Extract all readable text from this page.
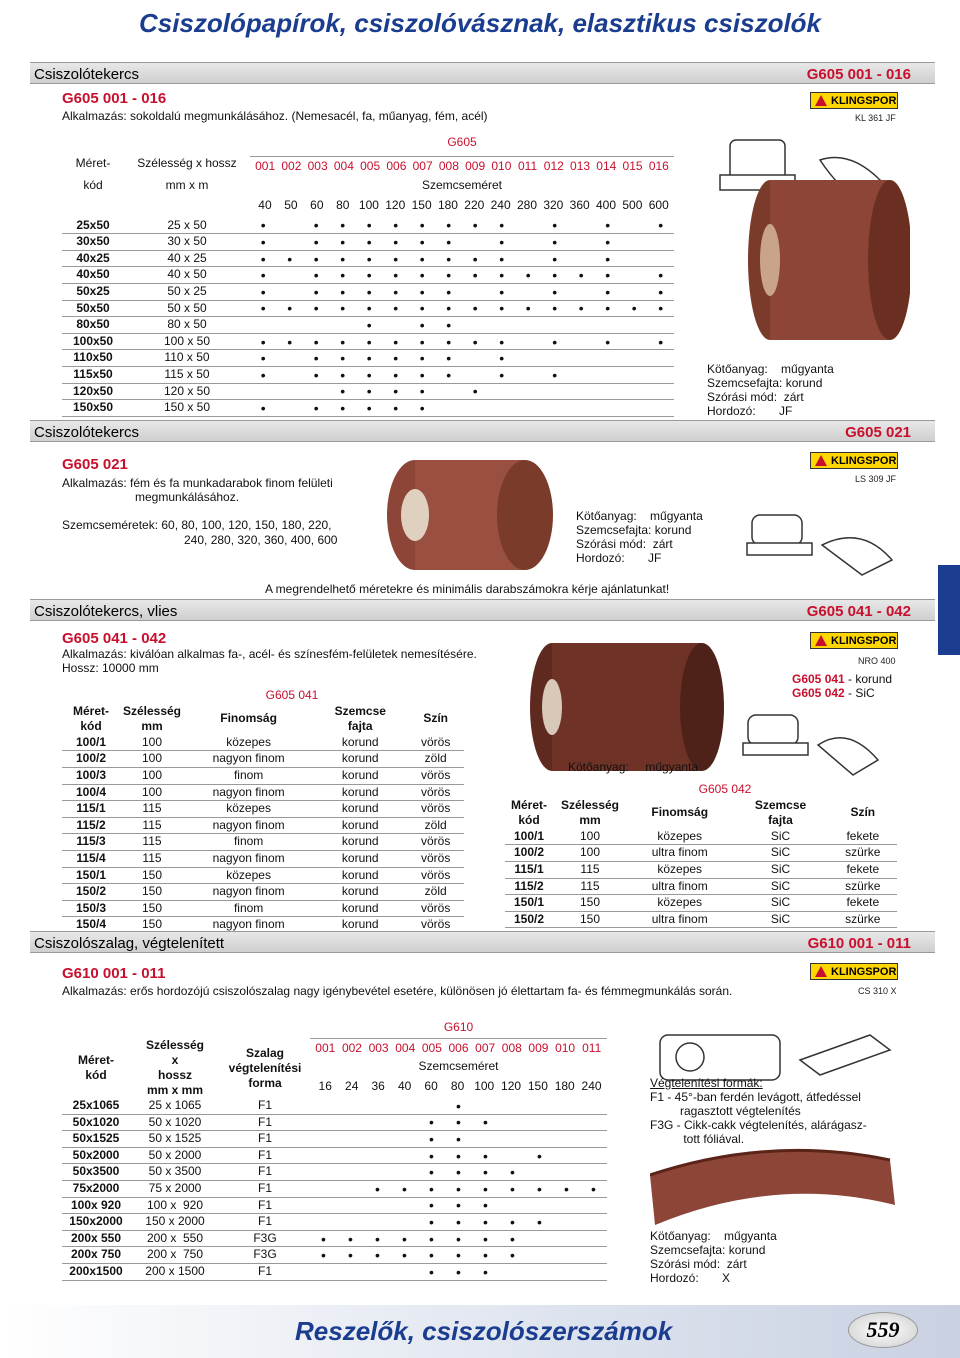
Csiszolópapírok, csiszolóvásznak, elasztikus csiszolók
Csiszolótekercs	G605 001 - 016
G605 001 - 016
Alkalmazás: sokoldalú megmunkálásához. (Nemesacél, fa, műanyag, fém, acél)
KLINGSPOR
KL 361 JF
	G605
Méret-	Szélesség x hossz	001	002	003	004	005	006	007	008	009	010	011	012	013	014	015	016

kód	mm x m	Szemcseméret

40	50	60	80	100	120	150	180	220	240	280	320	360	400	500	600

25x50	25 x 50	•		•	•	•	•	•	•	•	•		•		•		•
30x50	30 x 50	•		•	•	•	•	•	•		•		•		•		
40x25	40 x 25	•	•	•	•	•	•	•	•	•	•		•		•		
40x50	40 x 50	•		•	•	•	•	•	•	•	•	•	•	•	•		•
50x25	50 x 25	•		•	•	•	•	•	•		•		•		•		•
50x50	50 x 50	•	•	•	•	•	•	•	•	•	•	•	•	•	•	•	•
80x50	80 x 50					•		•	•								
100x50	100 x 50	•	•	•	•	•	•	•	•	•	•		•		•		•
110x50	110 x 50	•		•	•	•	•	•	•		•						
115x50	115 x 50	•		•	•	•	•	•	•		•		•				
120x50	120 x 50				•	•	•	•		•							
150x50	150 x 50	•		•	•	•	•	•									
Kötőanyag:    műgyanta
Szemcsefajta: korund
Szórási mód:  zárt
Hordozó:       JF
Csiszolótekercs	G605 021
G605 021
Alkalmazás: fém és fa munkadarabok finom felületi
megmunkálásához.
KLINGSPOR
LS 309 JF
Szemcseméretek: 60, 80, 100, 120, 150, 180, 220,
240, 280, 320, 360, 400, 600
Kötőanyag:    műgyanta
Szemcsefajta: korund
Szórási mód:  zárt
Hordozó:       JF
A megrendelhető méretekre és minimális darabszámokra kérje ajánlatunkat!
Csiszolótekercs, vlies	G605 041 - 042
G605 041 - 042
Alkalmazás: kiválóan alkalmas fa-, acél- és színesfém-felületek nemesítésére.
Hossz: 10000 mm
KLINGSPOR
NRO 400
G605 041 - korund
G605 042 - SiC
Kötőanyag:     műgyanta
Méret-	G605 041			
	Szélesség	Finomság	Szemcse	Szín
kód	mm		fajta	
100/1	100	közepes	korund	vörös
100/2	100	nagyon finom	korund	zöld
100/3	100	finom	korund	vörös
100/4	100	nagyon finom	korund	vörös
115/1	115	közepes	korund	vörös
115/2	115	nagyon finom	korund	zöld
115/3	115	finom	korund	vörös
115/4	115	nagyon finom	korund	vörös
150/1	150	közepes	korund	vörös
150/2	150	nagyon finom	korund	zöld
150/3	150	finom	korund	vörös
150/4	150	nagyon finom	korund	vörös
Méret-	G605 042			
	Szélesség	Finomság	Szemcse	Szín
kód	mm		fajta	
100/1	100	közepes	SiC	fekete
100/2	100	ultra finom	SiC	szürke
115/1	115	közepes	SiC	fekete
115/2	115	ultra finom	SiC	szürke
150/1	150	közepes	SiC	fekete
150/2	150	ultra finom	SiC	szürke
Csiszolószalag, végtelenített	G610 001 - 011
G610 001 - 011
Alkalmazás: erős hordozójú csiszolószalag nagy igénybevétel esetére, különösen jó élettartam fa- és fémmegmunkálás során.
KLINGSPOR
CS 310 X
	G610
Méret-
kód	Szélesség
x
hossz
mm x mm	Szalag
végtelenítési
forma	
001	002	003	004	005	006	007	008	009	010	011

Szemcseméret

16	24	36	40	60	80	100	120	150	180	240

25x1065	25 x 1065	F1						•					
50x1020	50 x 1020	F1					•	•	•				
50x1525	50 x 1525	F1					•	•					
50x2000	50 x 2000	F1					•	•	•		•		
50x3500	50 x 3500	F1					•	•	•	•			
75x2000	75 x 2000	F1			•	•	•	•	•	•	•	•	•
100x 920	100 x  920	F1					•	•	•				
150x2000	150 x 2000	F1					•	•	•	•	•		
200x 550	200 x  550	F3G	•	•	•	•	•	•	•	•			
200x 750	200 x  750	F3G	•	•	•	•	•	•	•	•			
200x1500	200 x 1500	F1					•	•	•				
Végtelenítési formák:
F1 - 45°-ban ferdén levágott, átfedéssel
ragasztott végtelenítés
F3G - Cikk-cakk végtelenítés, alárágasz-
tott fóliával.
Kötőanyag:    műgyanta
Szemcsefajta: korund
Szórási mód:  zárt
Hordozó:       X
Reszelők, csiszolószerszámok	559
